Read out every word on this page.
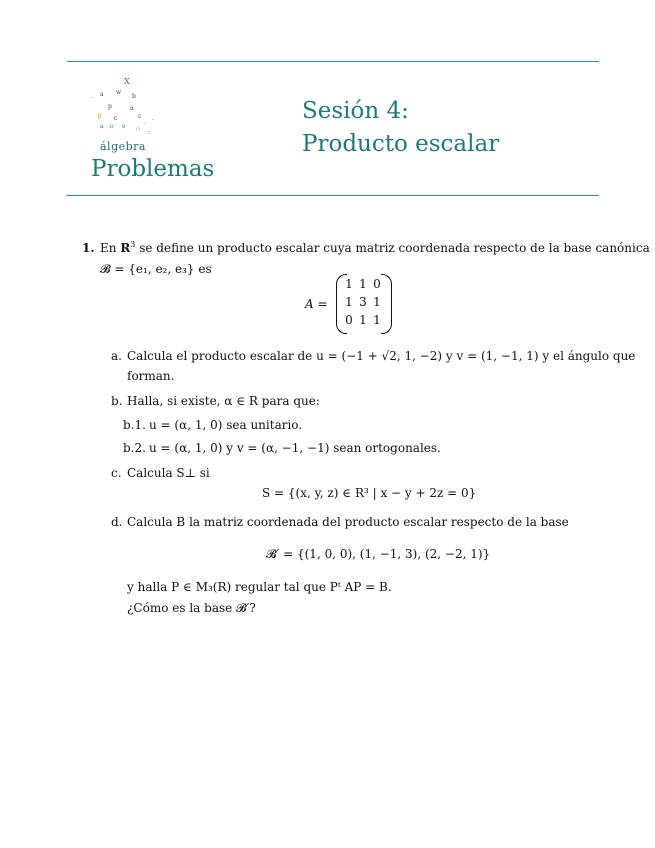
X
a w
b
·
p	a
β c	ε
a o e ∴
:
·
·
álgebra
Problemas
Sesión 4:
Producto escalar
1. En $R^3$ se define un producto escalar cuya matriz coordenada respecto de la base canónica
𝓑 = {e₁, e₂, e₃} es
A =
1	1	0
1	3	1
0	1	1
a. Calcula el producto escalar de u = (−1 + √2, 1, −2) y v = (1, −1, 1) y el ángulo que
forman.
b. Halla, si existe, α ∈ R para que:
b.1. u = (α, 1, 0) sea unitario.
b.2. u = (α, 1, 0) y v = (α, −1, −1) sean ortogonales.
c. Calcula S⊥ si
S = {(x, y, z) ∈ R³ | x − y + 2z = 0}
d. Calcula B la matriz coordenada del producto escalar respecto de la base
𝓑′ = {(1, 0, 0), (1, −1, 3), (2, −2, 1)}
y halla P ∈ M₃(R) regular tal que Pᵗ AP = B.
¿Cómo es la base 𝓑′?
